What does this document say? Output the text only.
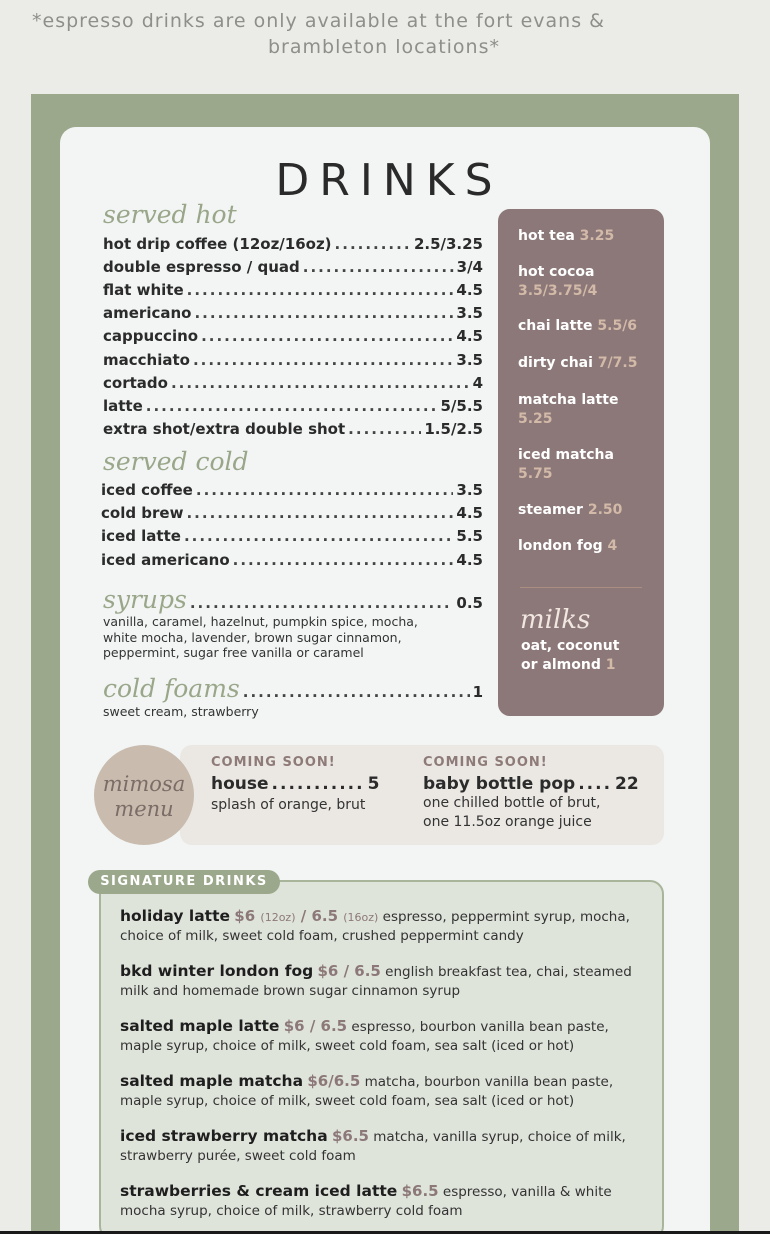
*espresso drinks are only available at the fort evans &
brambleton locations*
DRINKS
served hot
hot drip coffee (12oz/16oz) .....	2.5/3.25
double espresso / quad .....	3/4
flat white .....	4.5
americano .....	3.5
cappuccino .....	4.5
macchiato .....	3.5
cortado .....	4
latte .....	5/5.5
extra shot/extra double shot .....	1.5/2.5
served cold
iced coffee .....	3.5
cold brew .....	4.5
iced latte .....	5.5
iced americano .....	4.5
syrups .....	0.5
vanilla, caramel, hazelnut, pumpkin spice, mocha,
white mocha, lavender, brown sugar cinnamon,
peppermint, sugar free vanilla or caramel
cold foams .....	1
sweet cream, strawberry
hot tea 3.25
hot cocoa
3.5/3.75/4
chai latte 5.5/6
dirty chai 7/7.5
matcha latte
5.25
iced matcha
5.75
steamer 2.50
london fog 4
milks
oat, coconut
or almond 1
mimosa
menu
COMING SOON!
house ........... 5
splash of orange, brut
COMING SOON!
baby bottle pop .... 22
one chilled bottle of brut,
one 11.5oz orange juice
SIGNATURE DRINKS
holiday latte $6 (12oz) / 6.5 (16oz) espresso, peppermint syrup, mocha, choice of milk, sweet cold foam, crushed peppermint candy
bkd winter london fog $6 / 6.5 english breakfast tea, chai, steamed milk and homemade brown sugar cinnamon syrup
salted maple latte $6 / 6.5 espresso, bourbon vanilla bean paste, maple syrup, choice of milk, sweet cold foam, sea salt (iced or hot)
salted maple matcha $6/6.5 matcha, bourbon vanilla bean paste, maple syrup, choice of milk, sweet cold foam, sea salt (iced or hot)
iced strawberry matcha $6.5 matcha, vanilla syrup, choice of milk, strawberry purée, sweet cold foam
strawberries & cream iced latte $6.5 espresso, vanilla & white mocha syrup, choice of milk, strawberry cold foam
